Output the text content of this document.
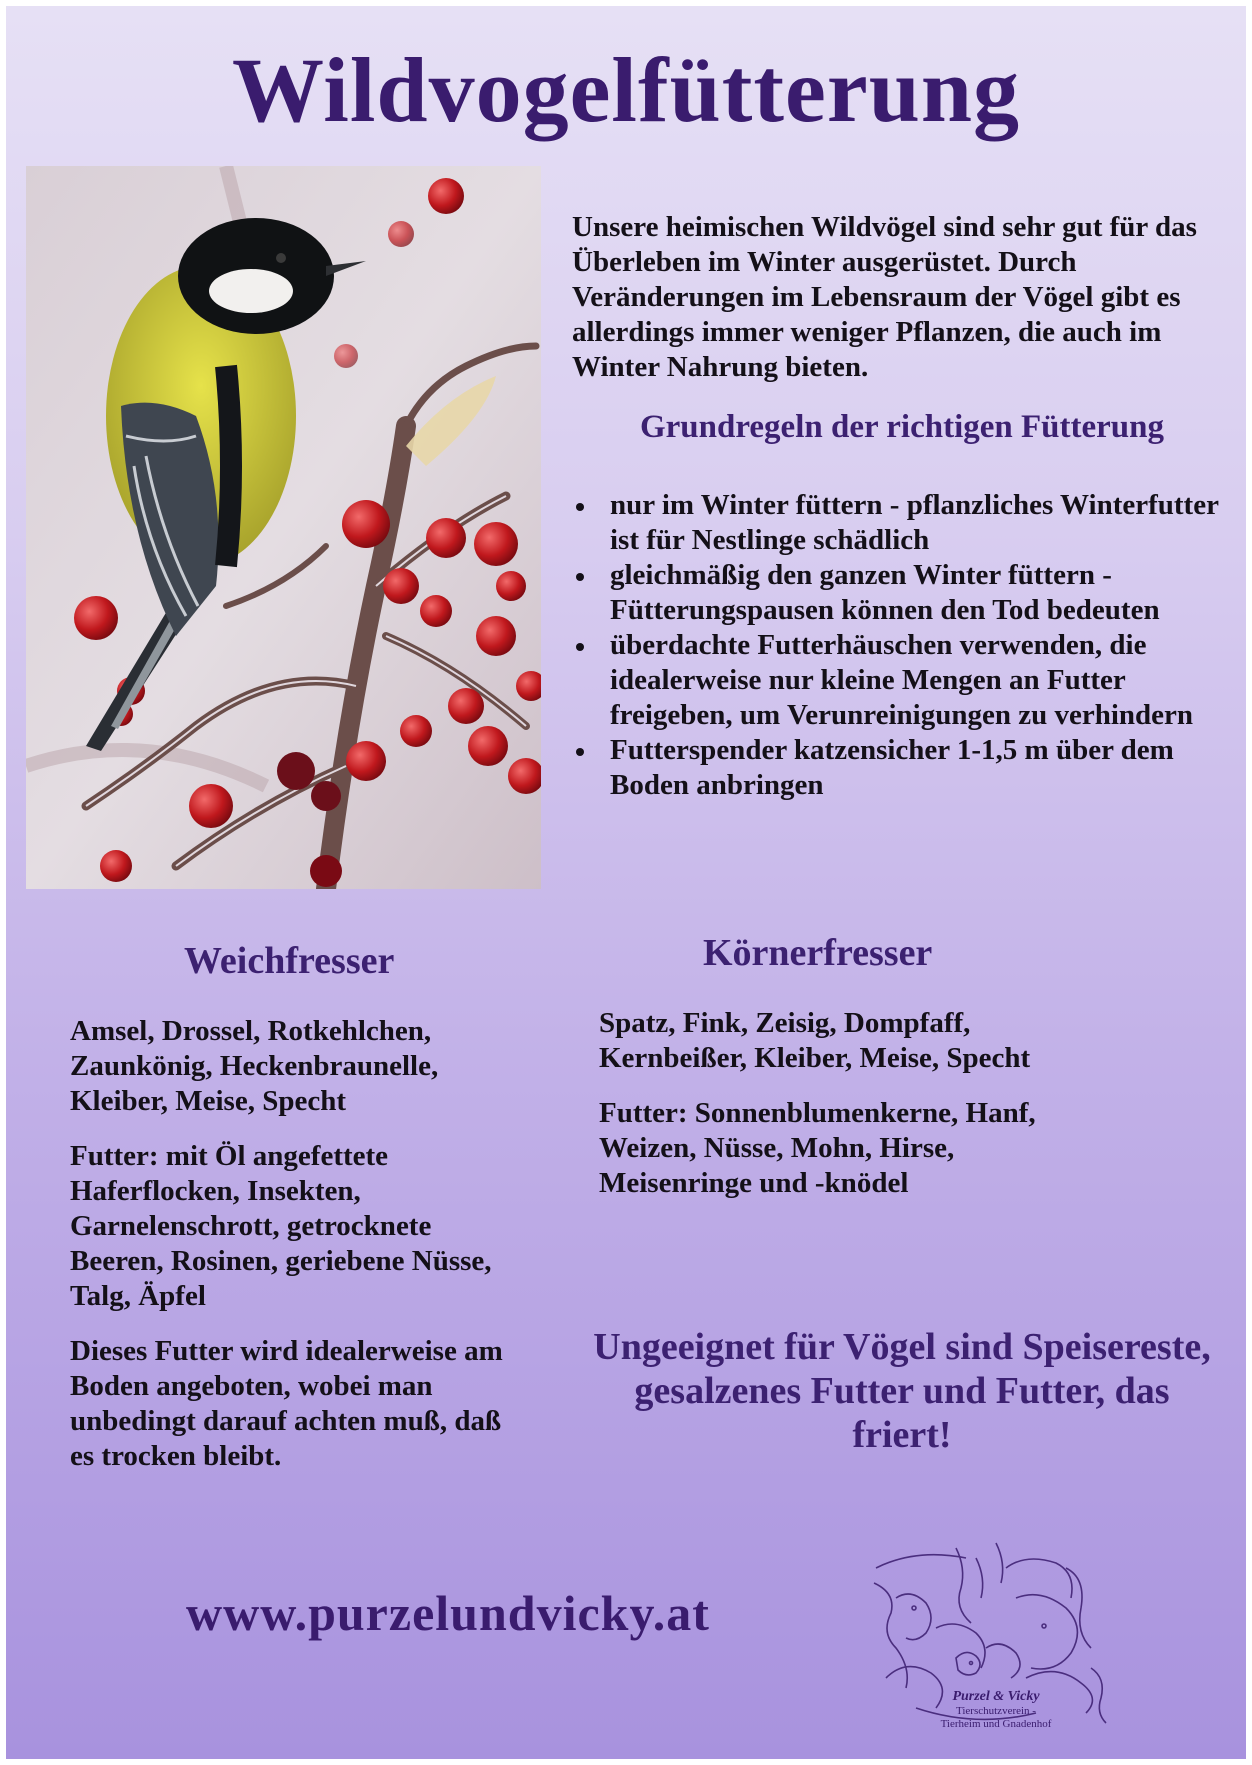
Wildvogelfütterung

Unsere heimischen Wildvögel sind sehr gut für das Überleben im Winter ausgerüstet. Durch Veränderungen im Lebensraum der Vögel gibt es allerdings immer weniger Pflanzen, die auch im Winter Nahrung bieten.

Grundregeln der richtigen Fütterung
nur im Winter füttern - pflanzliches Winterfutter ist für Nestlinge schädlich
gleichmäßig den ganzen Winter füttern - Fütterungspausen können den Tod bedeuten
überdachte Futterhäuschen verwenden, die idealerweise nur kleine Mengen an Futter freigeben, um Verunreinigungen zu verhindern
Futterspender katzensicher 1-1,5 m über dem Boden anbringen
Weichfresser

Amsel, Drossel, Rotkehlchen, Zaunkönig, Heckenbraunelle, Kleiber, Meise, Specht

Futter: mit Öl angefettete Haferflocken, Insekten, Garnelenschrott, getrocknete Beeren, Rosinen, geriebene Nüsse, Talg, Äpfel

Dieses Futter wird idealerweise am Boden angeboten, wobei man unbedingt darauf achten muß, daß es trocken bleibt.

Körnerfresser

Spatz, Fink, Zeisig, Dompfaff, Kernbeißer, Kleiber, Meise, Specht

Futter: Sonnenblumenkerne, Hanf, Weizen, Nüsse, Mohn, Hirse, Meisenringe und -knödel

Ungeeignet für Vögel sind Speisereste, gesalzenes Futter und Futter, das friert!

www.purzelundvicky.at
Purzel & Vicky
Tierschutzverein -
Tierheim und Gnadenhof
